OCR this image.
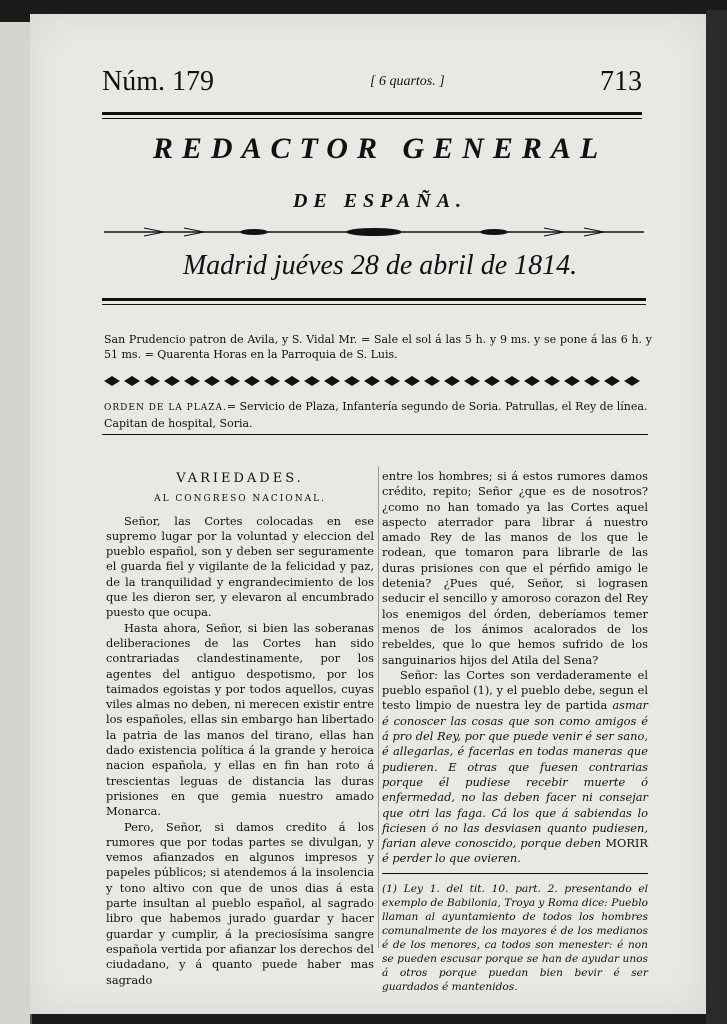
Núm. 179	[ 6 quartos. ]	713
REDACTOR GENERAL
DE ESPAÑA.
Madrid juéves 28 de abril de 1814.
San Prudencio patron de Avila, y S. Vidal Mr. = Sale el sol á las 5 h. y 9 ms. y se pone á las 6 h. y 51 ms. = Quarenta Horas en la Parroquia de S. Luis.
ORDEN DE LA PLAZA.= Servicio de Plaza, Infantería segundo de Soria. Patrullas, el Rey de línea. Capitan de hospital, Soria.
VARIEDADES.
AL CONGRESO NACIONAL.

Señor, las Cortes colocadas en ese supremo lugar por la voluntad y eleccion del pueblo español, son y deben ser seguramente el guarda fiel y vigilante de la felicidad y paz, de la tranquilidad y engrandecimiento de los que les dieron ser, y elevaron al encumbrado puesto que ocupa.

Hasta ahora, Señor, si bien las soberanas deliberaciones de las Cortes han sido contrariadas clandestinamente, por los agentes del antiguo despotismo, por los taimados egoistas y por todos aquellos, cuyas viles almas no deben, ni merecen existir entre los españoles, ellas sin embargo han libertado la patria de las manos del tirano, ellas han dado existencia política á la grande y heroica nacion española, y ellas en fin han roto á trescientas leguas de distancia las duras prisiones en que gemia nuestro amado Monarca.

Pero, Señor, si damos credito á los rumores que por todas partes se divulgan, y vemos afianzados en algunos impresos y papeles públicos; si atendemos á la insolencia y tono altivo con que de unos dias á esta parte insultan al pueblo español, al sagrado libro que habemos jurado guardar y hacer guardar y cumplir, á la preciosísima sangre española vertida por afianzar los derechos del ciudadano, y á quanto puede haber mas sagrado

entre los hombres; si á estos rumores damos crédito, repito; Señor ¿que es de nosotros? ¿como no han tomado ya las Cortes aquel aspecto aterrador para librar á nuestro amado Rey de las manos de los que le rodean, que tomaron para librarle de las duras prisiones con que el pérfido amigo le detenia? ¿Pues qué, Señor, si lograsen seducir el sencillo y amoroso corazon del Rey los enemigos del órden, deberíamos temer menos de los ánimos acalorados de los rebeldes, que lo que hemos sufrido de los sanguinarios hijos del Atila del Sena?

Señor: las Cortes son verdaderamente el pueblo español (1), y el pueblo debe, segun el testo limpio de nuestra ley de partida asmar é conoscer las cosas que son como amigos é á pro del Rey, por que puede venir é ser sano, é allegarlas, é facerlas en todas maneras que pudieren. E otras que fuesen contrarias porque él pudiese recebir muerte ó enfermedad, no las deben facer ni consejar que otri las faga. Cá los que á sabiendas lo ficiesen ó no las desviasen quanto pudiesen, farian aleve conoscido, porque deben MORIR é perder lo que ovieren.

(1) Ley 1. del tit. 10. part. 2. presentando el exemplo de Babilonia, Troya y Roma dice: Pueblo llaman al ayuntamiento de todos los hombres comunalmente de los mayores é de los medianos é de los menores, ca todos son menester: é non se pueden escusar porque se han de ayudar unos á otros porque puedan bien bevir é ser guardados é mantenidos.
